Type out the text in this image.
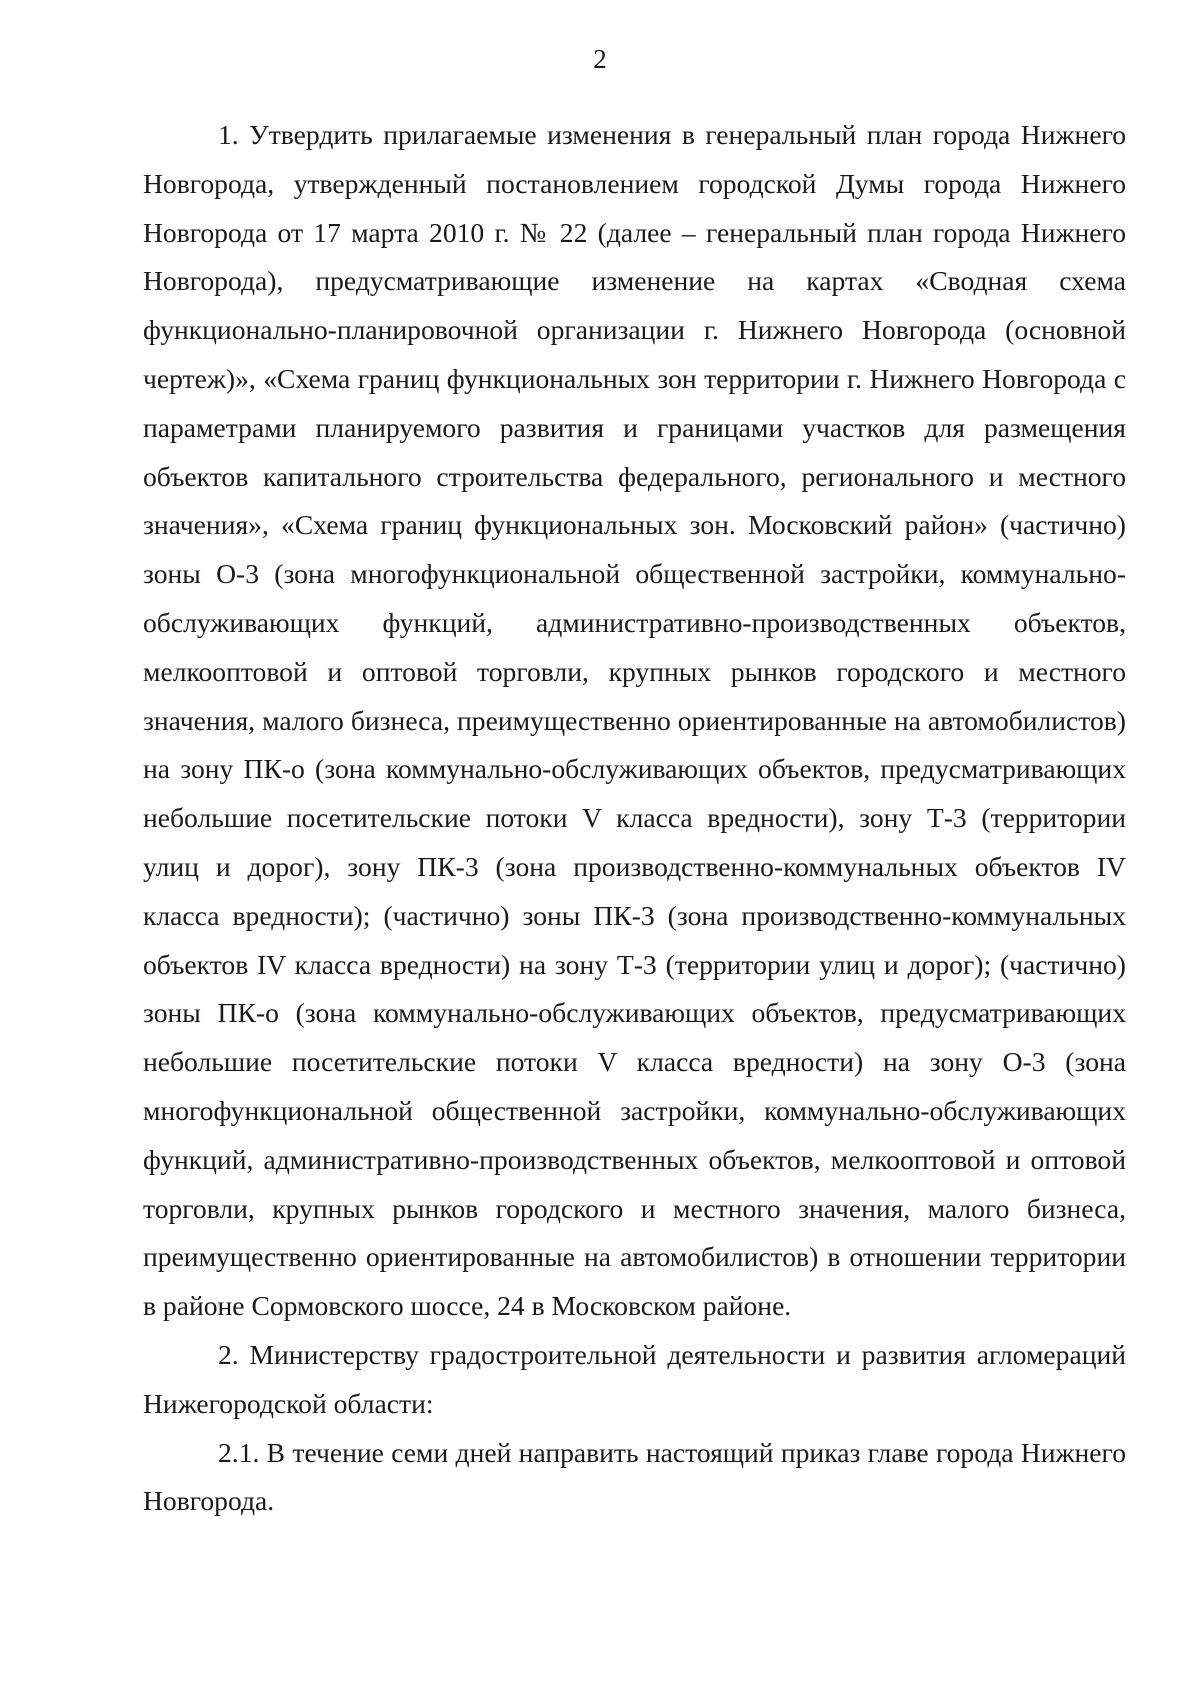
2

1. Утвердить прилагаемые изменения в генеральный план города Нижнего Новгорода, утвержденный постановлением городской Думы города Нижнего Новгорода от 17 марта 2010 г. № 22 (далее – генеральный план города Нижнего Новгорода), предусматривающие изменение на картах «Сводная схема функционально-планировочной организации г. Нижнего Новгорода (основной чертеж)», «Схема границ функциональных зон территории г. Нижнего Новгорода с параметрами планируемого развития и границами участков для размещения объектов капитального строительства федерального, регионального и местного значения», «Схема границ функциональных зон. Московский район» (частично) зоны О-3 (зона многофункциональной общественной застройки, коммунально-обслуживающих функций, административно-производственных объектов, мелкооптовой и оптовой торговли, крупных рынков городского и местного значения, малого бизнеса, преимущественно ориентированные на автомобилистов) на зону ПК-о (зона коммунально-обслуживающих объектов, предусматривающих небольшие посетительские потоки V класса вредности), зону Т-3 (территории улиц и дорог), зону ПК-3 (зона производственно-коммунальных объектов IV класса вредности); (частично) зоны ПК-3 (зона производственно-коммунальных объектов IV класса вредности) на зону Т-3 (территории улиц и дорог); (частично) зоны ПК-о (зона коммунально-обслуживающих объектов, предусматривающих небольшие посетительские потоки V класса вредности) на зону О-3 (зона многофункциональной общественной застройки, коммунально-обслуживающих функций, административно-производственных объектов, мелкооптовой и оптовой торговли, крупных рынков городского и местного значения, малого бизнеса, преимущественно ориентированные на автомобилистов) в отношении территории в районе Сормовского шоссе, 24 в Московском районе.

2. Министерству градостроительной деятельности и развития агломераций Нижегородской области:

2.1. В течение семи дней направить настоящий приказ главе города Нижнего Новгорода.
